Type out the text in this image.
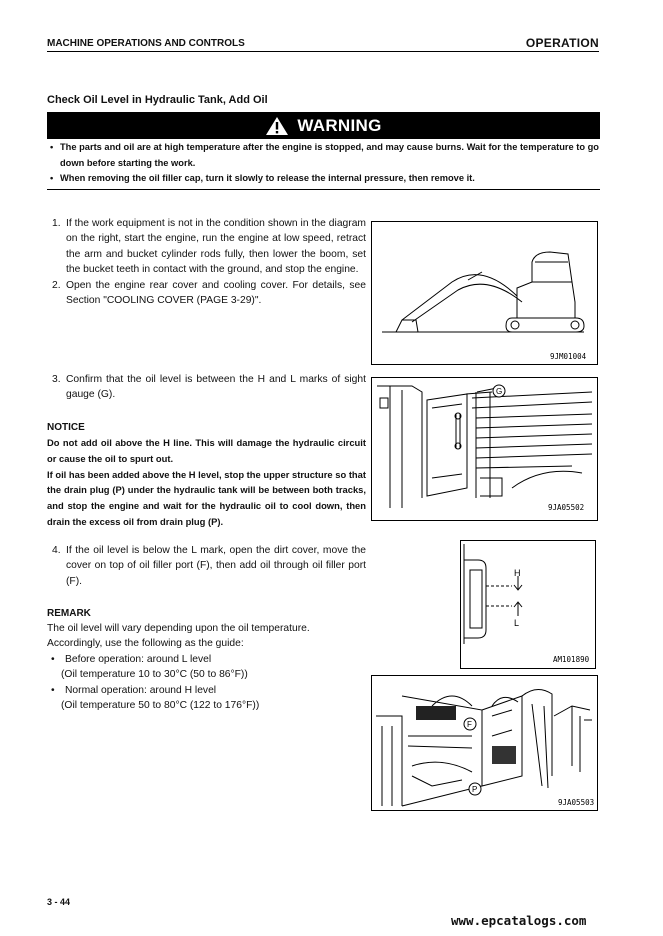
MACHINE OPERATIONS AND CONTROLS	OPERATION
Check Oil Level in Hydraulic Tank, Add Oil
WARNING
• The parts and oil are at high temperature after the engine is stopped, and may cause burns. Wait for the temperature to go down before starting the work.
• When removing the oil filler cap, turn it slowly to release the internal pressure, then remove it.
1. If the work equipment is not in the condition shown in the diagram on the right, start the engine, run the engine at low speed, retract the arm and bucket cylinder rods fully, then lower the boom, set the bucket teeth in contact with the ground, and stop the engine.
2. Open the engine rear cover and cooling cover. For details, see Section "COOLING COVER (PAGE 3-29)".
9JM01004
3. Confirm that the oil level is between the H and L marks of sight gauge (G).
NOTICE
Do not add oil above the H line. This will damage the hydraulic circuit or cause the oil to spurt out.
If oil has been added above the H level, stop the upper structure so that the drain plug (P) under the hydraulic tank will be between both tracks, and stop the engine and wait for the hydraulic oil to cool down, then drain the excess oil from drain plug (P).
G
9JA05502
4. If the oil level is below the L mark, open the dirt cover, move the cover on top of oil filler port (F), then add oil through oil filler port (F).
REMARK
The oil level will vary depending upon the oil temperature.
Accordingly, use the following as the guide:
•	Before operation: around L level
(Oil temperature 10 to 30°C (50 to 86°F))
•	Normal operation: around H level
(Oil temperature 50 to 80°C (122 to 176°F))
H
L
AM101890
F
P
9JA05503
3 - 44
www.epcatalogs.com
